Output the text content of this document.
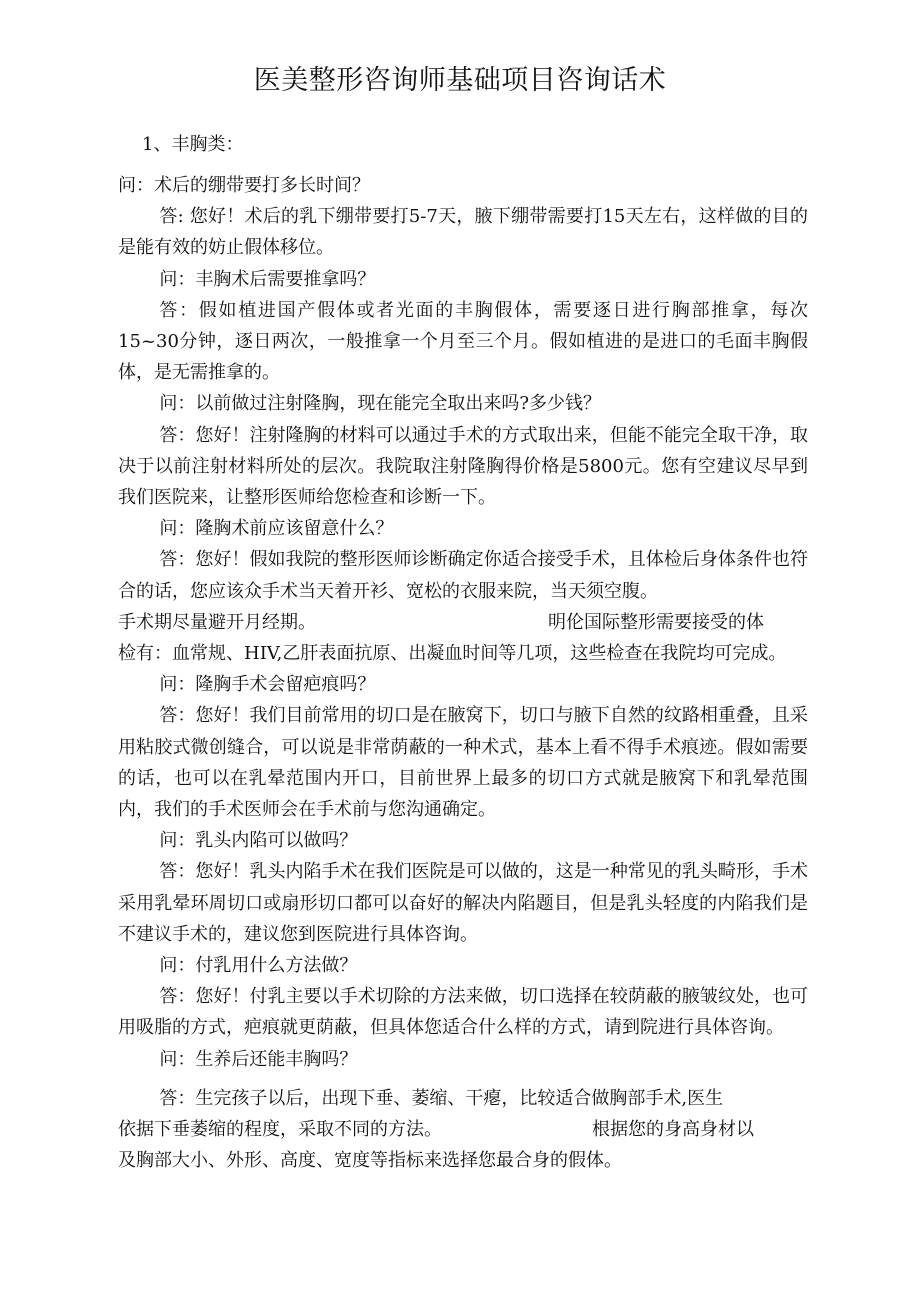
医美整形咨询师基础项目咨询话术
1、丰胸类：

问：术后的绷带要打多长时间？

答: 您好！术后的乳下绷带要打5-7天，腋下绷带需要打15天左右，这样做的目的是能有效的妨止假体移位。

问：丰胸术后需要推拿吗？

答：假如植进国产假体或者光面的丰胸假体，需要逐日进行胸部推拿，每次15~30分钟，逐日两次，一般推拿一个月至三个月。假如植进的是进口的毛面丰胸假体，是无需推拿的。

问：以前做过注射隆胸，现在能完全取出来吗?多少钱？

答：您好！注射隆胸的材料可以通过手术的方式取出来，但能不能完全取干净，取决于以前注射材料所处的层次。我院取注射隆胸得价格是5800元。您有空建议尽早到我们医院来，让整形医师给您检查和诊断一下。

问：隆胸术前应该留意什么？

答：您好！假如我院的整形医师诊断确定你适合接受手术，且体检后身体条件也符合的话，您应该众手术当天着开衫、宽松的衣服来院，当天须空腹。

手术期尽量避开月经期。	明伦国际整形需要接受的体

检有：血常规、HIV,乙肝表面抗原、出凝血时间等几项，这些检查在我院均可完成。

问：隆胸手术会留疤痕吗？

答：您好！我们目前常用的切口是在腋窝下，切口与腋下自然的纹路相重叠，且采用粘胶式微创缝合，可以说是非常荫蔽的一种术式，基本上看不得手术痕迹。假如需要的话，也可以在乳晕范围内开口，目前世界上最多的切口方式就是腋窝下和乳晕范围内，我们的手术医师会在手术前与您沟通确定。

问：乳头内陷可以做吗？

答：您好！乳头内陷手术在我们医院是可以做的，这是一种常见的乳头畸形，手术采用乳晕环周切口或扇形切口都可以奋好的解决内陷题目，但是乳头轻度的内陷我们是不建议手术的，建议您到医院进行具体咨询。

问：付乳用什么方法做？

答：您好！付乳主要以手术切除的方法来做，切口选择在较荫蔽的腋皱纹处，也可用吸脂的方式，疤痕就更荫蔽，但具体您适合什么样的方式，请到院进行具体咨询。

问：生养后还能丰胸吗？

答：生完孩子以后，出现下垂、萎缩、干瘪，比较适合做胸部手术,医生

依据下垂萎缩的程度，采取不同的方法。	根据您的身高身材以

及胸部大小、外形、高度、宽度等指标来选择您最合身的假体。
